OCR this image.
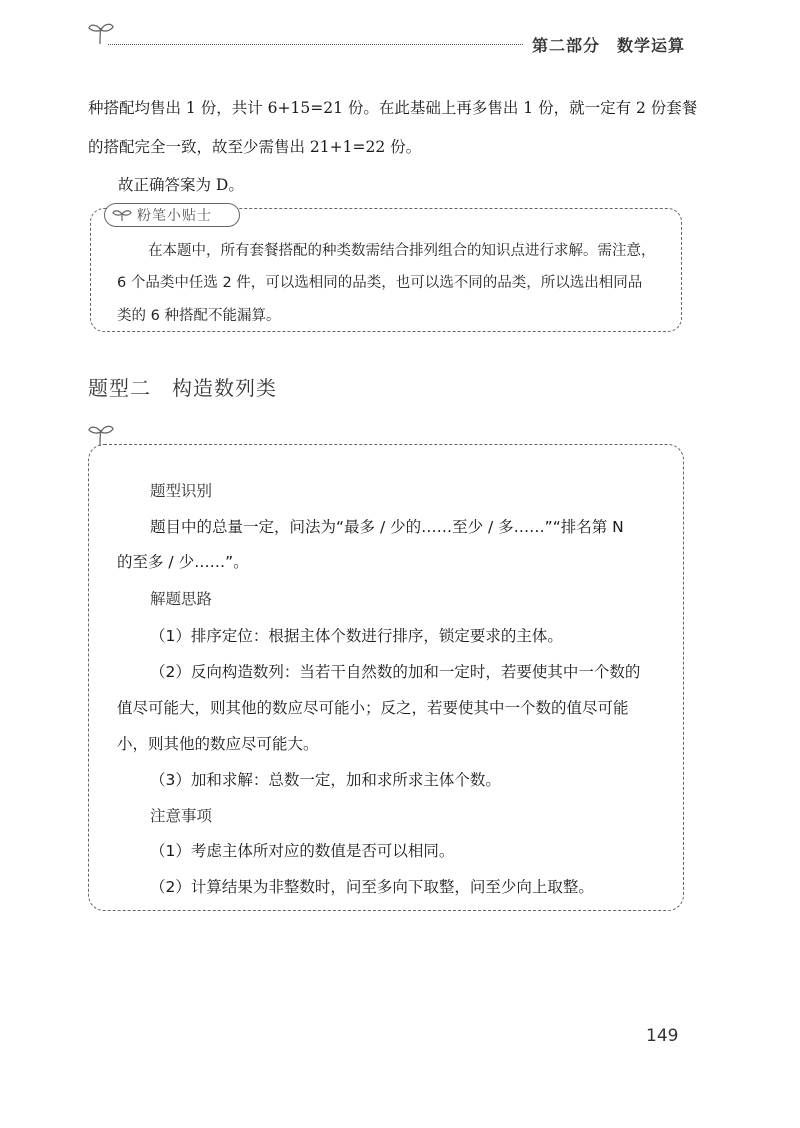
第二部分　数学运算
种搭配均售出 1 份，共计 6+15=21 份。在此基础上再多售出 1 份，就一定有 2 份套餐
的搭配完全一致，故至少需售出 21+1=22 份。
故正确答案为 D。
粉笔小贴士
在本题中，所有套餐搭配的种类数需结合排列组合的知识点进行求解。需注意，
6 个品类中任选 2 件，可以选相同的品类，也可以选不同的品类，所以选出相同品
类的 6 种搭配不能漏算。
题型二　构造数列类
题型识别
题目中的总量一定，问法为“最多 / 少的……至少 / 多……”“排名第 N
的至多 / 少……”。
解题思路
（1）排序定位：根据主体个数进行排序，锁定要求的主体。
（2）反向构造数列：当若干自然数的加和一定时，若要使其中一个数的
值尽可能大，则其他的数应尽可能小；反之，若要使其中一个数的值尽可能
小，则其他的数应尽可能大。
（3）加和求解：总数一定，加和求所求主体个数。
注意事项
（1）考虑主体所对应的数值是否可以相同。
（2）计算结果为非整数时，问至多向下取整，问至少向上取整。
149
